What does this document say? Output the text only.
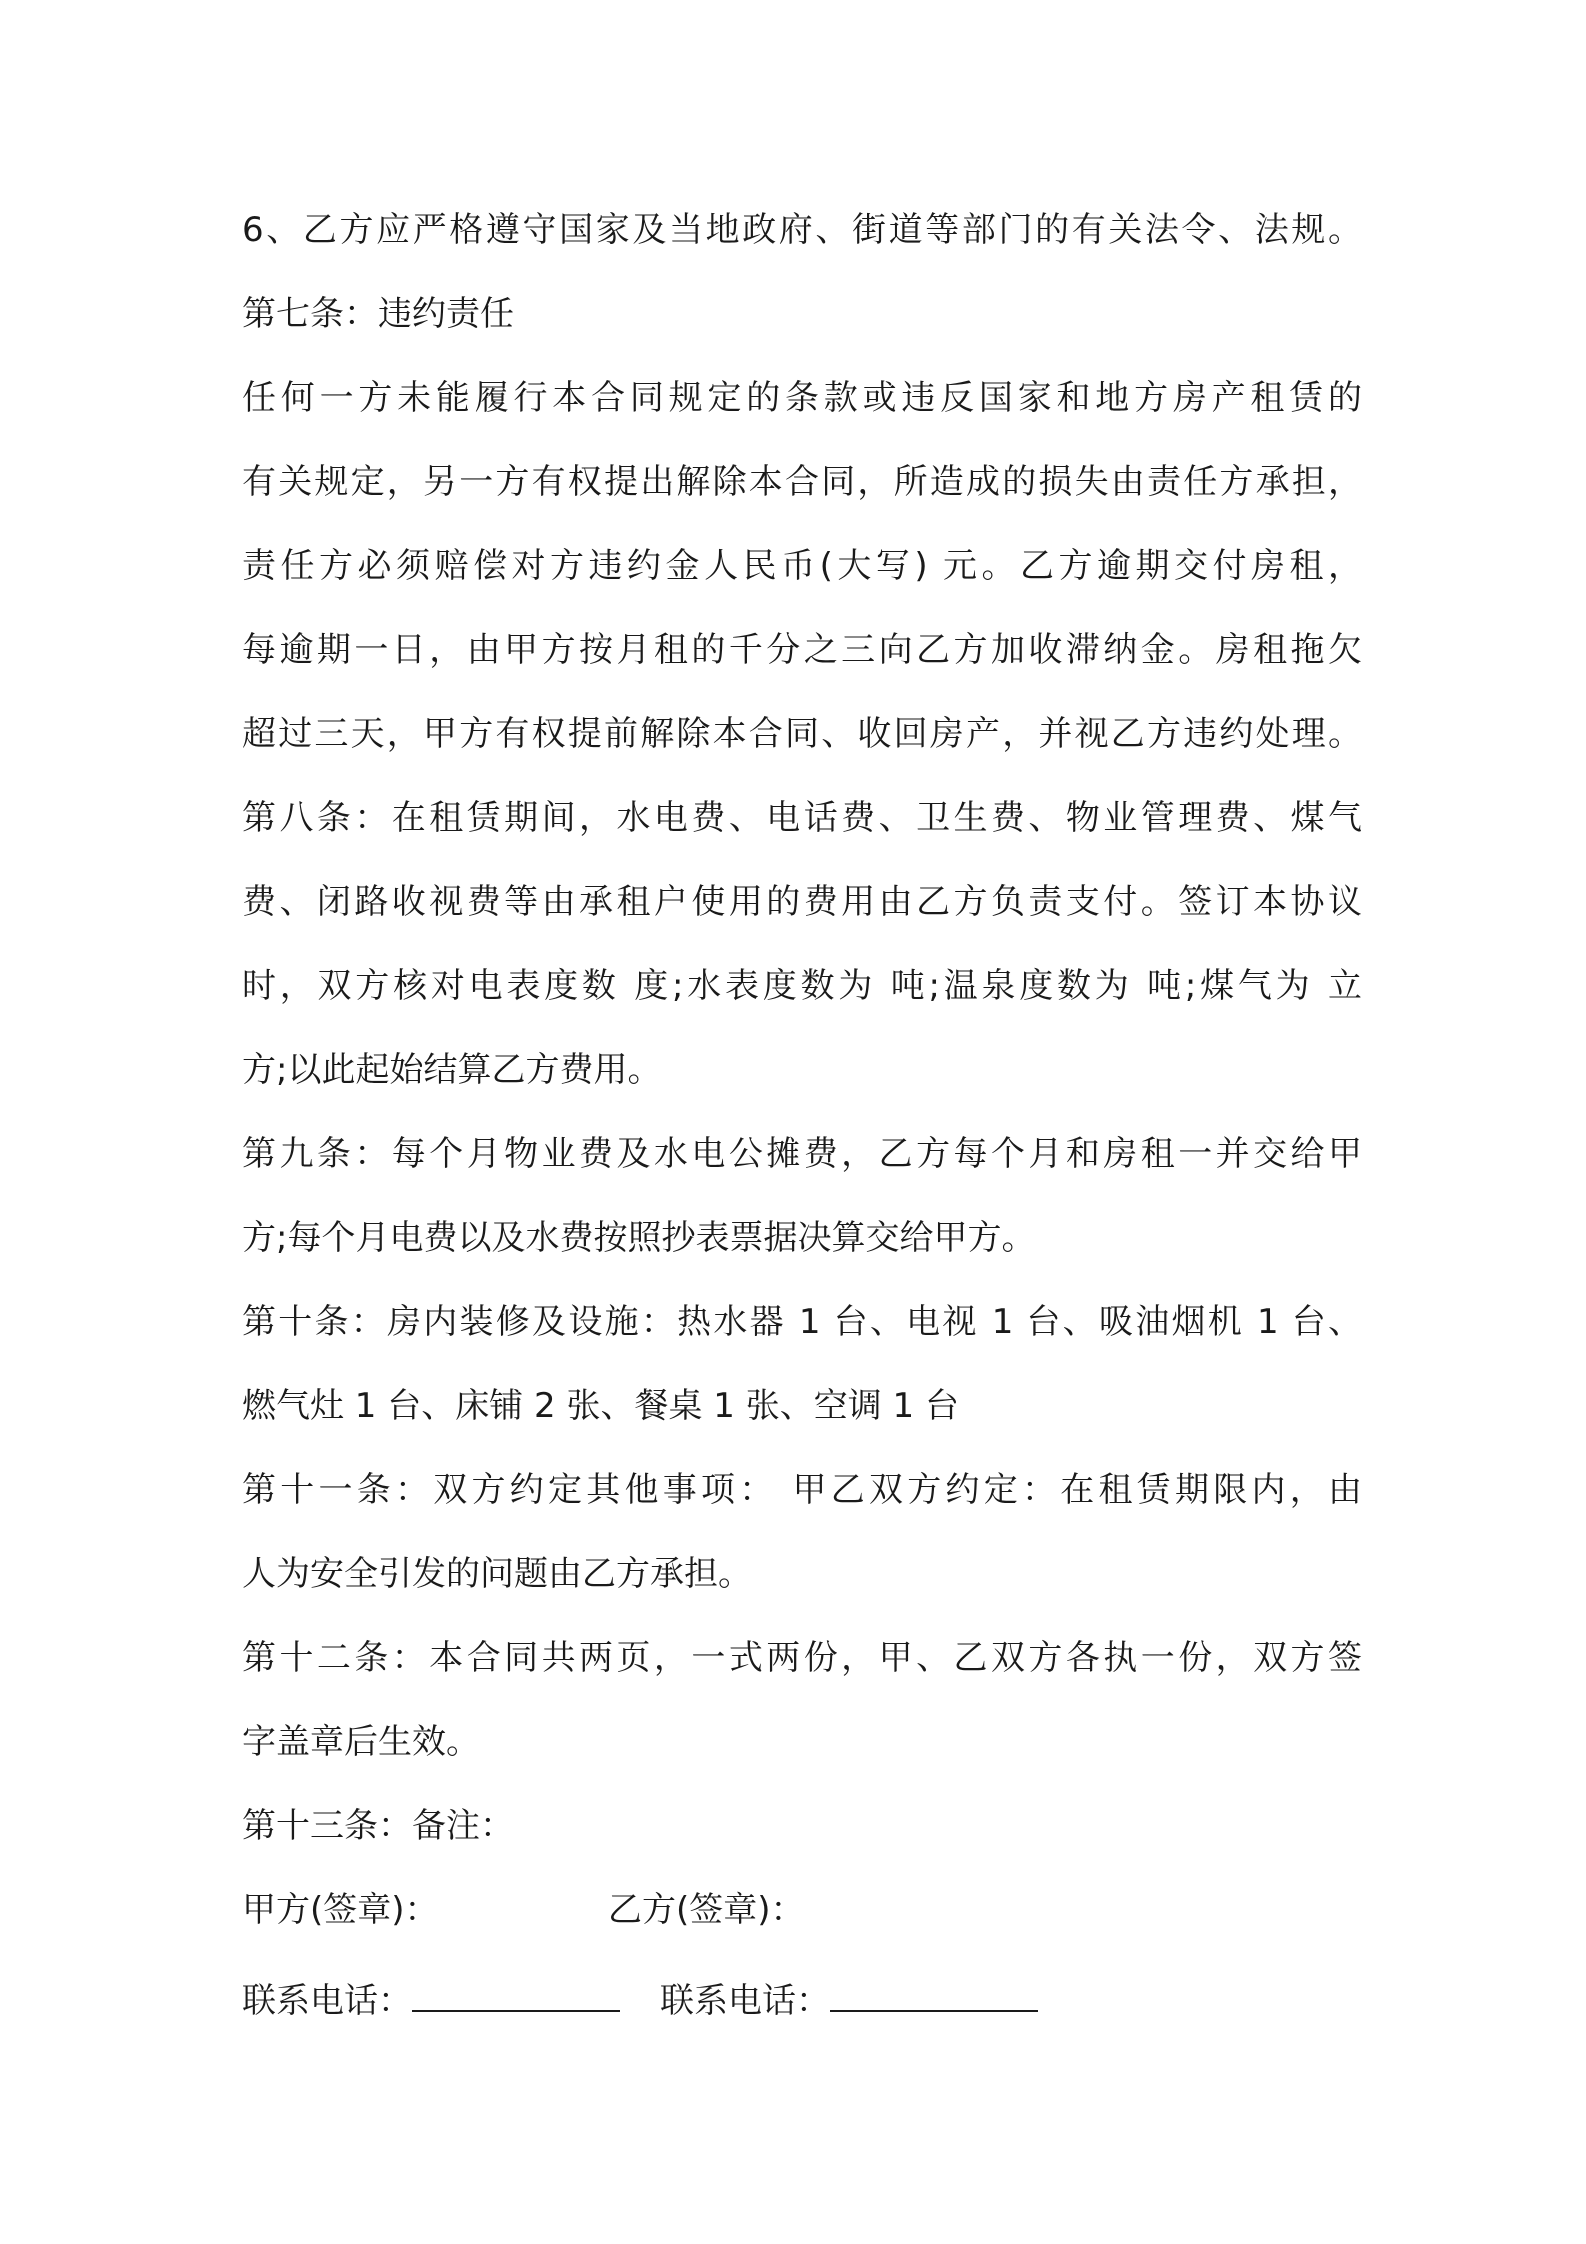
6、乙方应严格遵守国家及当地政府、街道等部门的有关法令、法规。
第七条：违约责任
任何一方未能履行本合同规定的条款或违反国家和地方房产租赁的
有关规定，另一方有权提出解除本合同，所造成的损失由责任方承担，
责任方必须赔偿对方违约金人民币(大写) 元。乙方逾期交付房租，
每逾期一日，由甲方按月租的千分之三向乙方加收滞纳金。房租拖欠
超过三天，甲方有权提前解除本合同、收回房产，并视乙方违约处理。
第八条：在租赁期间，水电费、电话费、卫生费、物业管理费、煤气
费、闭路收视费等由承租户使用的费用由乙方负责支付。签订本协议
时，双方核对电表度数 度;水表度数为 吨;温泉度数为 吨;煤气为 立
方;以此起始结算乙方费用。
第九条：每个月物业费及水电公摊费，乙方每个月和房租一并交给甲
方;每个月电费以及水费按照抄表票据决算交给甲方。
第十条：房内装修及设施：热水器 1 台、电视 1 台、吸油烟机 1 台、
燃气灶 1 台、床铺 2 张、餐桌 1 张、空调 1 台
第十一条：双方约定其他事项： 甲乙双方约定：在租赁期限内，由
人为安全引发的问题由乙方承担。
第十二条：本合同共两页，一式两份，甲、乙双方各执一份，双方签
字盖章后生效。
第十三条：备注：
甲方(签章)：	乙方(签章)：
联系电话：	联系电话：
